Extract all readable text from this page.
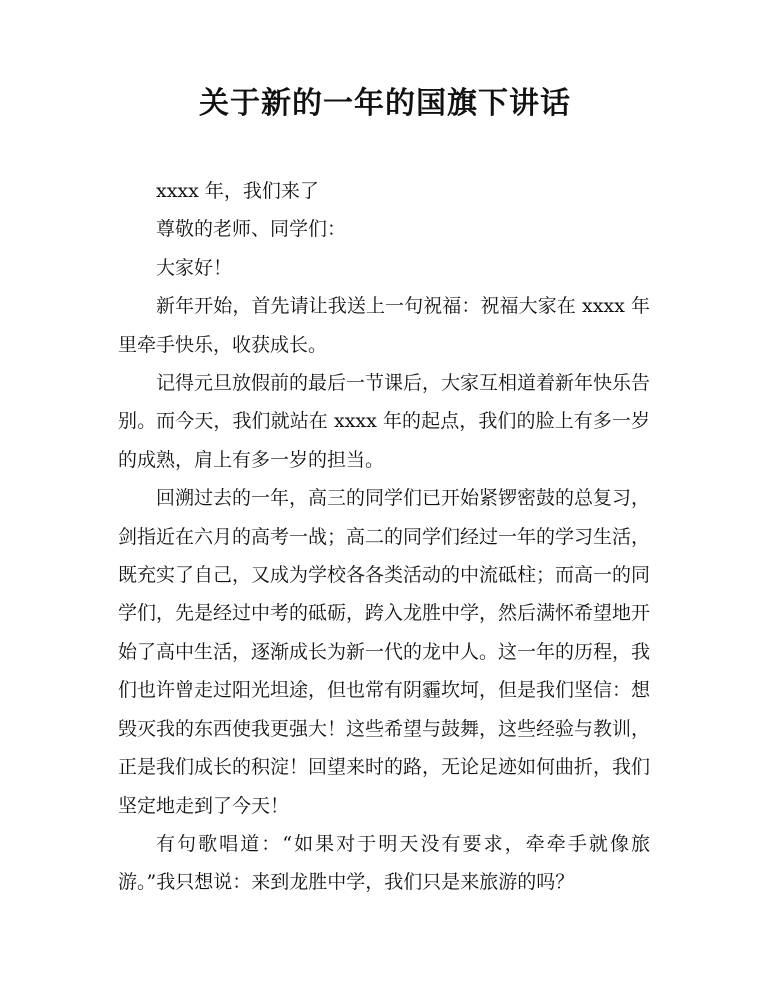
关于新的一年的国旗下讲话

xxxx 年，我们来了

尊敬的老师、同学们：

大家好！

新年开始，首先请让我送上一句祝福：祝福大家在 xxxx 年里牵手快乐，收获成长。

记得元旦放假前的最后一节课后，大家互相道着新年快乐告别。而今天，我们就站在 xxxx 年的起点，我们的脸上有多一岁的成熟，肩上有多一岁的担当。

回溯过去的一年，高三的同学们已开始紧锣密鼓的总复习，剑指近在六月的高考一战；高二的同学们经过一年的学习生活，既充实了自己，又成为学校各各类活动的中流砥柱；而高一的同学们，先是经过中考的砥砺，跨入龙胜中学，然后满怀希望地开始了高中生活，逐渐成长为新一代的龙中人。这一年的历程，我们也许曾走过阳光坦途，但也常有阴霾坎坷，但是我们坚信：想毁灭我的东西使我更强大！这些希望与鼓舞，这些经验与教训，正是我们成长的积淀！回望来时的路，无论足迹如何曲折，我们坚定地走到了今天！

有句歌唱道：“如果对于明天没有要求，牵牵手就像旅游。”我只想说：来到龙胜中学，我们只是来旅游的吗？
